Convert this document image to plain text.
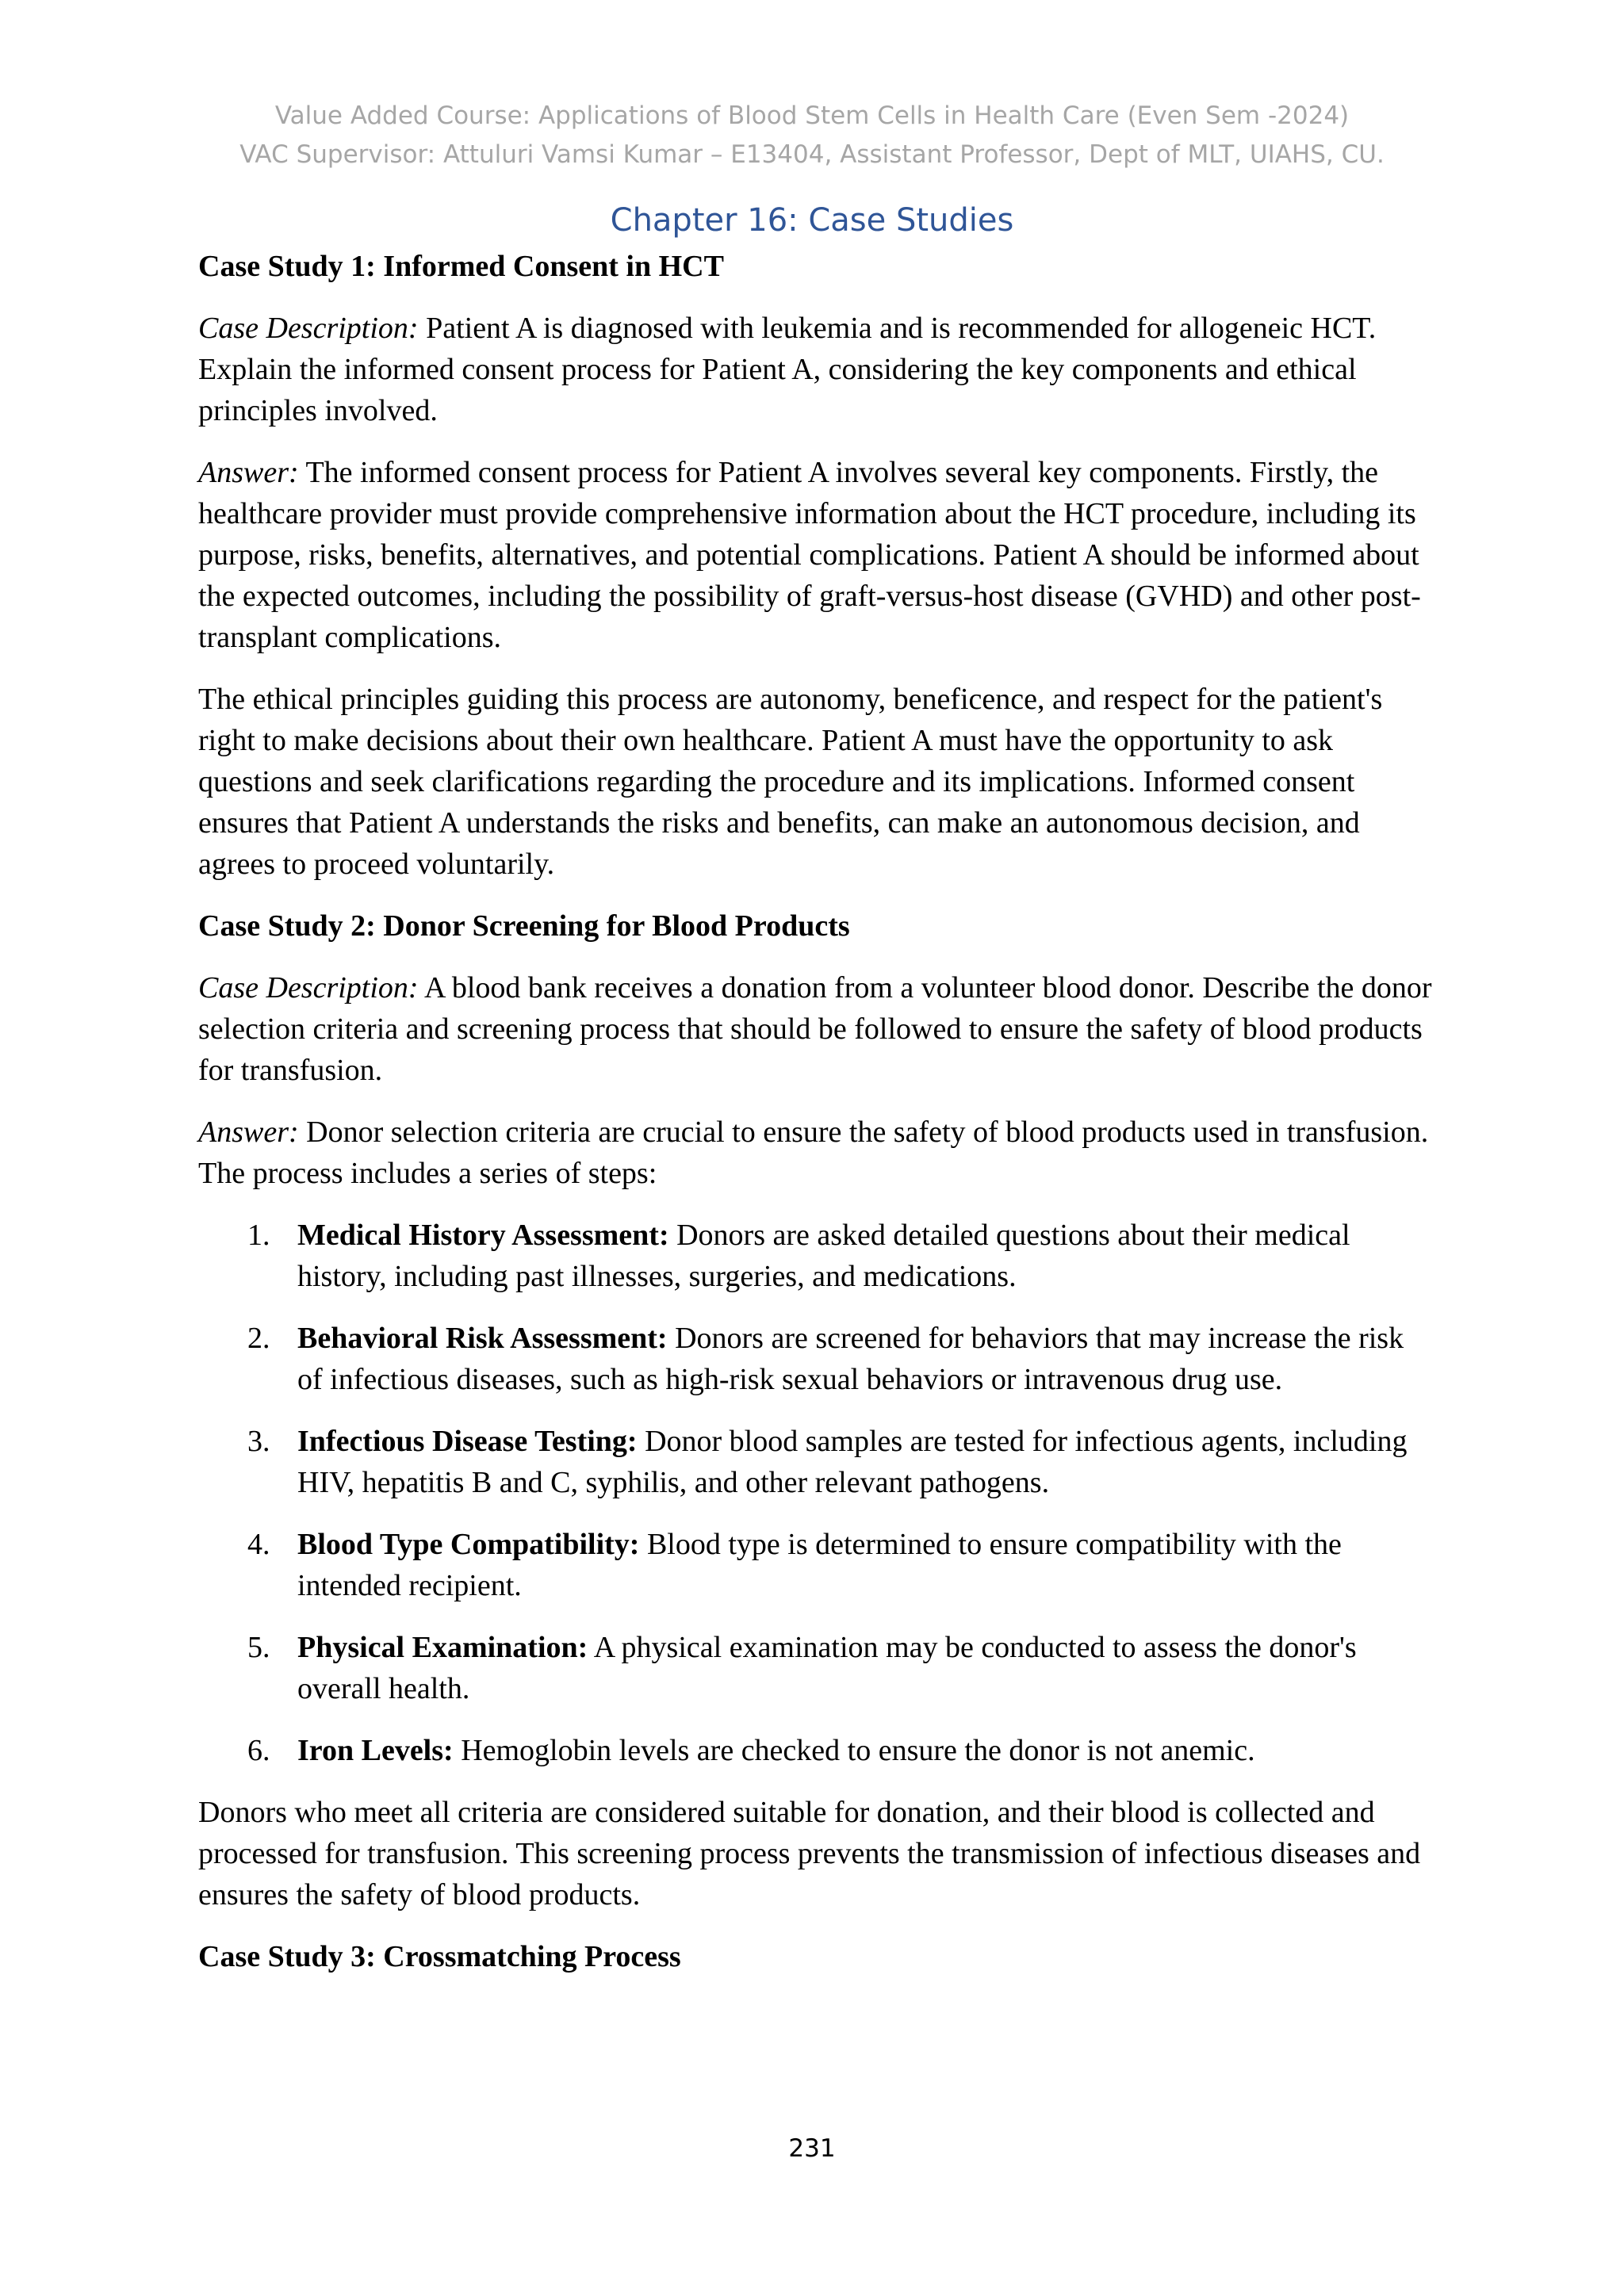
Value Added Course: Applications of Blood Stem Cells in Health Care (Even Sem -2024)
VAC Supervisor: Attuluri Vamsi Kumar – E13404, Assistant Professor, Dept of MLT, UIAHS, CU.
Chapter 16: Case Studies
Case Study 1: Informed Consent in HCT

Case Description: Patient A is diagnosed with leukemia and is recommended for allogeneic HCT. Explain the informed consent process for Patient A, considering the key components and ethical principles involved.

Answer: The informed consent process for Patient A involves several key components. Firstly, the healthcare provider must provide comprehensive information about the HCT procedure, including its purpose, risks, benefits, alternatives, and potential complications. Patient A should be informed about the expected outcomes, including the possibility of graft-versus-host disease (GVHD) and other post-transplant complications.

The ethical principles guiding this process are autonomy, beneficence, and respect for the patient's right to make decisions about their own healthcare. Patient A must have the opportunity to ask questions and seek clarifications regarding the procedure and its implications. Informed consent ensures that Patient A understands the risks and benefits, can make an autonomous decision, and agrees to proceed voluntarily.

Case Study 2: Donor Screening for Blood Products

Case Description: A blood bank receives a donation from a volunteer blood donor. Describe the donor selection criteria and screening process that should be followed to ensure the safety of blood products for transfusion.

Answer: Donor selection criteria are crucial to ensure the safety of blood products used in transfusion. The process includes a series of steps:

1. Medical History Assessment: Donors are asked detailed questions about their medical history, including past illnesses, surgeries, and medications.
2. Behavioral Risk Assessment: Donors are screened for behaviors that may increase the risk of infectious diseases, such as high-risk sexual behaviors or intravenous drug use.
3. Infectious Disease Testing: Donor blood samples are tested for infectious agents, including HIV, hepatitis B and C, syphilis, and other relevant pathogens.
4. Blood Type Compatibility: Blood type is determined to ensure compatibility with the intended recipient.
5. Physical Examination: A physical examination may be conducted to assess the donor's overall health.
6. Iron Levels: Hemoglobin levels are checked to ensure the donor is not anemic.

Donors who meet all criteria are considered suitable for donation, and their blood is collected and processed for transfusion. This screening process prevents the transmission of infectious diseases and ensures the safety of blood products.

Case Study 3: Crossmatching Process
231
